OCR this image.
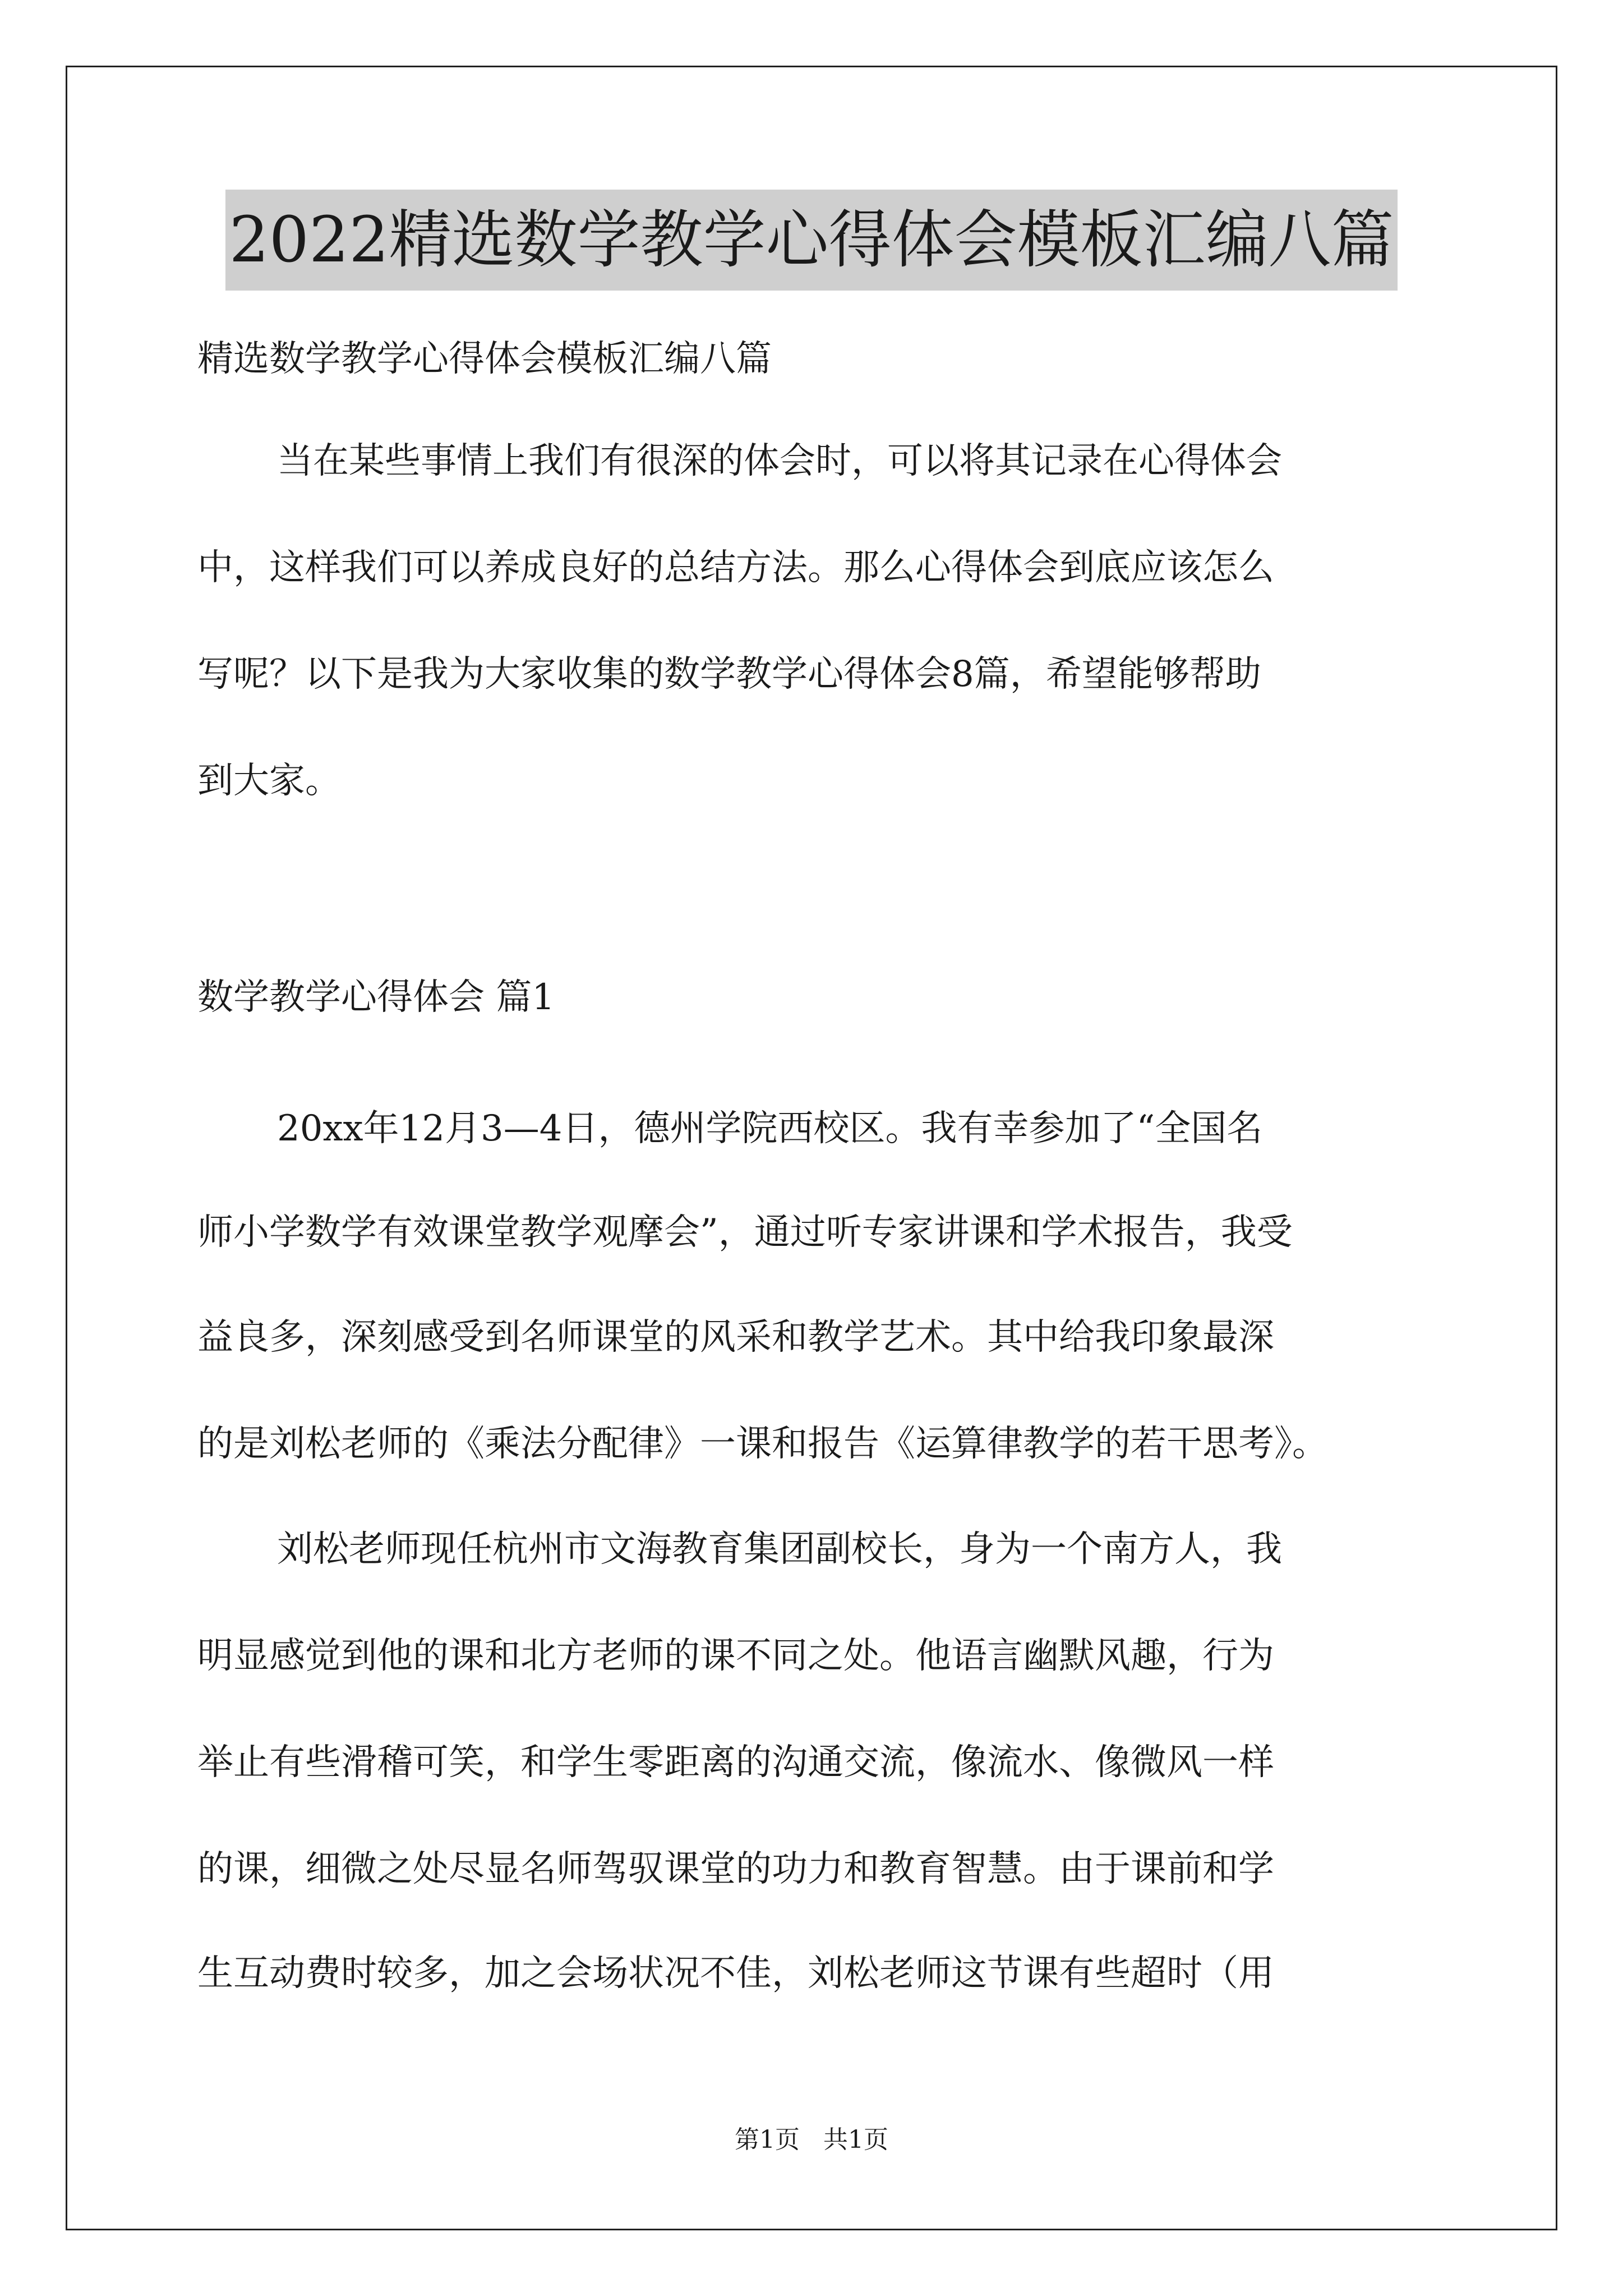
2022精选数学教学心得体会模板汇编八篇
精选数学教学心得体会模板汇编八篇
当在某些事情上我们有很深的体会时，可以将其记录在心得体会
中，这样我们可以养成良好的总结方法。那么心得体会到底应该怎么
写呢？以下是我为大家收集的数学教学心得体会8篇，希望能够帮助
到大家。
数学教学心得体会 篇1
20xx年12月3—4日，德州学院西校区。我有幸参加了“全国名
师小学数学有效课堂教学观摩会”，通过听专家讲课和学术报告，我受
益良多，深刻感受到名师课堂的风采和教学艺术。其中给我印象最深
的是刘松老师的《乘法分配律》一课和报告《运算律教学的若干思考》。
刘松老师现任杭州市文海教育集团副校长，身为一个南方人，我
明显感觉到他的课和北方老师的课不同之处。他语言幽默风趣，行为
举止有些滑稽可笑，和学生零距离的沟通交流，像流水、像微风一样
的课，细微之处尽显名师驾驭课堂的功力和教育智慧。由于课前和学
生互动费时较多，加之会场状况不佳，刘松老师这节课有些超时（用
第1页   共1页
